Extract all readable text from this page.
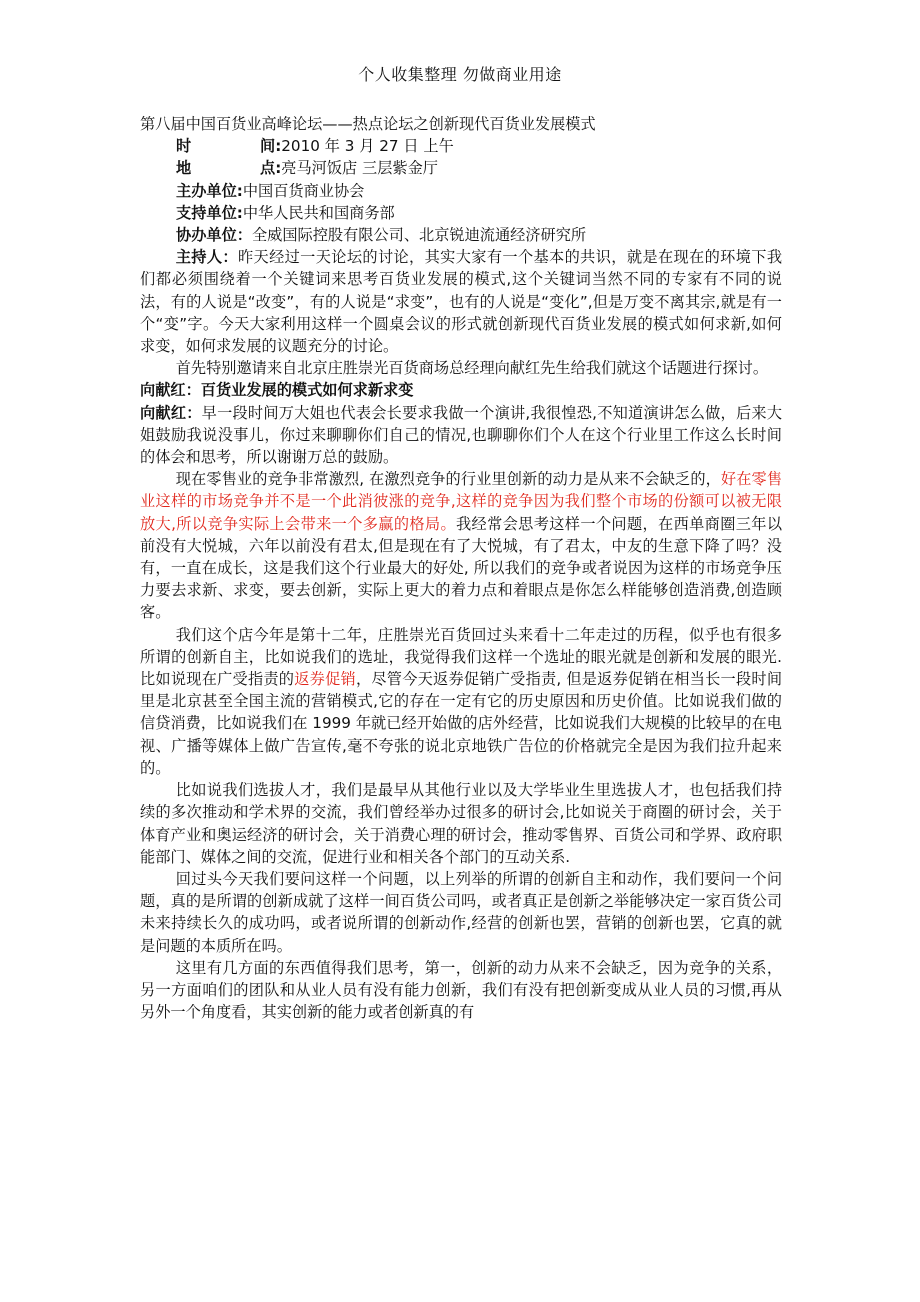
个人收集整理 勿做商业用途

第八届中国百货业高峰论坛——热点论坛之创新现代百货业发展模式

时	间:2010 年 3 月 27 日 上午

地	点:亮马河饭店 三层紫金厅

主办单位:中国百货商业协会

支持单位:中华人民共和国商务部

协办单位：全威国际控股有限公司、北京锐迪流通经济研究所

主持人：昨天经过一天论坛的讨论，其实大家有一个基本的共识，就是在现在的环境下我们都必须围绕着一个关键词来思考百货业发展的模式,这个关键词当然不同的专家有不同的说法，有的人说是“改变”，有的人说是“求变”，也有的人说是“变化”,但是万变不离其宗,就是有一个“变”字。今天大家利用这样一个圆桌会议的形式就创新现代百货业发展的模式如何求新,如何求变，如何求发展的议题充分的讨论。

首先特别邀请来自北京庄胜崇光百货商场总经理向献红先生给我们就这个话题进行探讨。

向献红：百货业发展的模式如何求新求变

向献红：早一段时间万大姐也代表会长要求我做一个演讲,我很惶恐,不知道演讲怎么做，后来大姐鼓励我说没事儿，你过来聊聊你们自己的情况,也聊聊你们个人在这个行业里工作这么长时间的体会和思考，所以谢谢万总的鼓励。

现在零售业的竞争非常激烈, 在激烈竞争的行业里创新的动力是从来不会缺乏的，好在零售业这样的市场竞争并不是一个此消彼涨的竞争,这样的竞争因为我们整个市场的份额可以被无限放大,所以竞争实际上会带来一个多赢的格局。我经常会思考这样一个问题，在西单商圈三年以前没有大悦城，六年以前没有君太,但是现在有了大悦城，有了君太，中友的生意下降了吗？没有，一直在成长，这是我们这个行业最大的好处, 所以我们的竞争或者说因为这样的市场竞争压力要去求新、求变，要去创新，实际上更大的着力点和着眼点是你怎么样能够创造消费,创造顾客。

我们这个店今年是第十二年，庄胜崇光百货回过头来看十二年走过的历程，似乎也有很多所谓的创新自主，比如说我们的选址，我觉得我们这样一个选址的眼光就是创新和发展的眼光.比如说现在广受指责的返券促销，尽管今天返券促销广受指责, 但是返券促销在相当长一段时间里是北京甚至全国主流的营销模式,它的存在一定有它的历史原因和历史价值。比如说我们做的信贷消费，比如说我们在 1999 年就已经开始做的店外经营，比如说我们大规模的比较早的在电视、广播等媒体上做广告宣传,毫不夸张的说北京地铁广告位的价格就完全是因为我们拉升起来的。

比如说我们选拔人才，我们是最早从其他行业以及大学毕业生里选拔人才，也包括我们持续的多次推动和学术界的交流，我们曾经举办过很多的研讨会,比如说关于商圈的研讨会，关于体育产业和奥运经济的研讨会，关于消费心理的研讨会，推动零售界、百货公司和学界、政府职能部门、媒体之间的交流，促进行业和相关各个部门的互动关系.

回过头今天我们要问这样一个问题，以上列举的所谓的创新自主和动作，我们要问一个问题，真的是所谓的创新成就了这样一间百货公司吗，或者真正是创新之举能够决定一家百货公司未来持续长久的成功吗，或者说所谓的创新动作,经营的创新也罢，营销的创新也罢，它真的就是问题的本质所在吗。

这里有几方面的东西值得我们思考，第一，创新的动力从来不会缺乏，因为竞争的关系，另一方面咱们的团队和从业人员有没有能力创新，我们有没有把创新变成从业人员的习惯,再从另外一个角度看，其实创新的能力或者创新真的有
